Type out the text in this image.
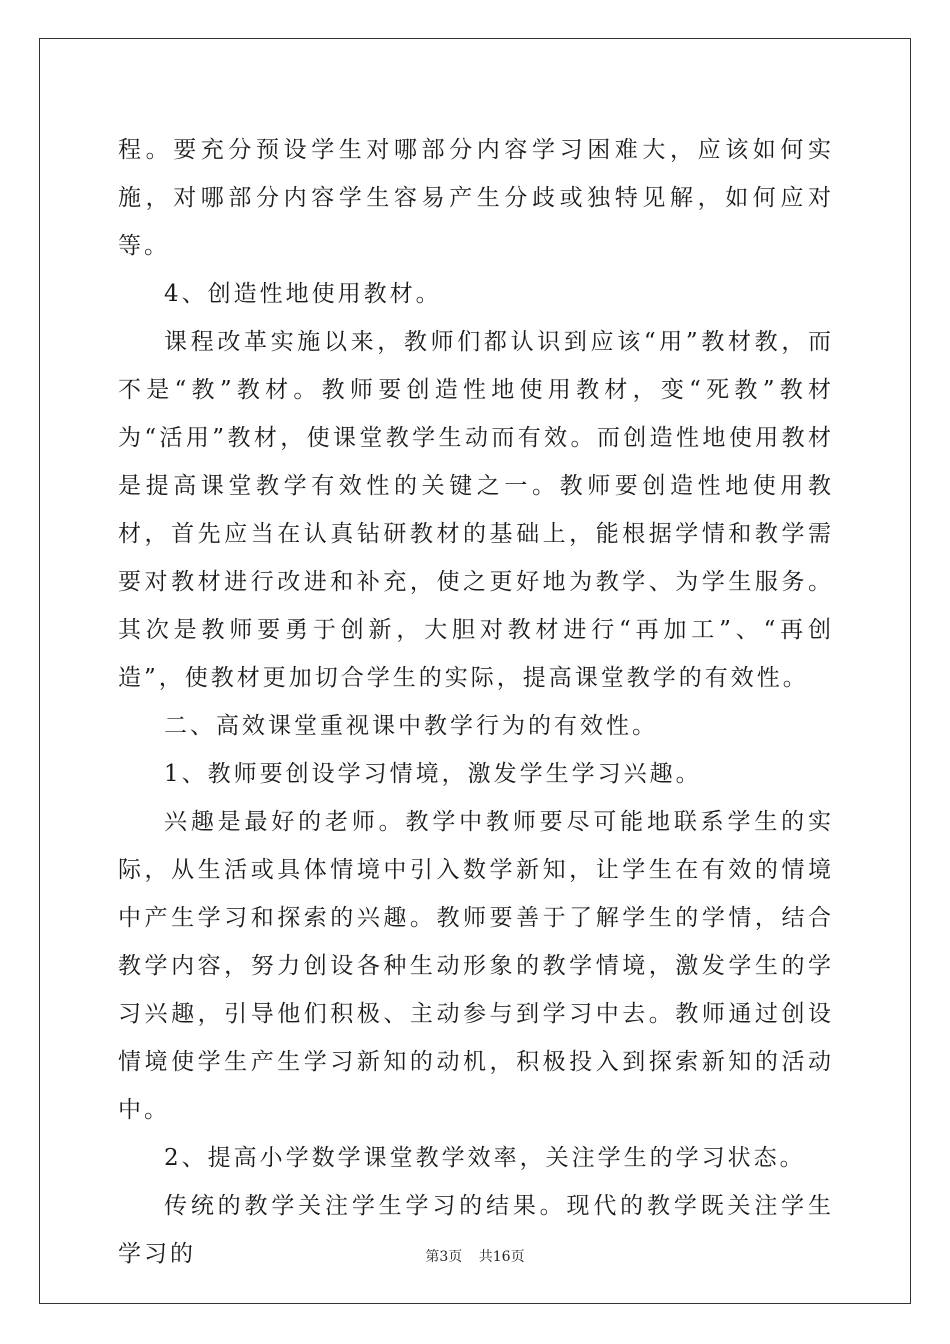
程。要充分预设学生对哪部分内容学习困难大，应该如何实施，对哪部分内容学生容易产生分歧或独特见解，如何应对等。

4、创造性地使用教材。

课程改革实施以来，教师们都认识到应该“用”教材教，而不是“教”教材。教师要创造性地使用教材，变“死教”教材为“活用”教材，使课堂教学生动而有效。而创造性地使用教材是提高课堂教学有效性的关键之一。教师要创造性地使用教材，首先应当在认真钻研教材的基础上，能根据学情和教学需要对教材进行改进和补充，使之更好地为教学、为学生服务。其次是教师要勇于创新，大胆对教材进行“再加工”、“再创造”，使教材更加切合学生的实际，提高课堂教学的有效性。

二、高效课堂重视课中教学行为的有效性。

1、教师要创设学习情境，激发学生学习兴趣。

兴趣是最好的老师。教学中教师要尽可能地联系学生的实际，从生活或具体情境中引入数学新知，让学生在有效的情境中产生学习和探索的兴趣。教师要善于了解学生的学情，结合教学内容，努力创设各种生动形象的教学情境，激发学生的学习兴趣，引导他们积极、主动参与到学习中去。教师通过创设情境使学生产生学习新知的动机，积极投入到探索新知的活动中。

2、提高小学数学课堂教学效率，关注学生的学习状态。

传统的教学关注学生学习的结果。现代的教学既关注学生学习的	第3页 共16页
